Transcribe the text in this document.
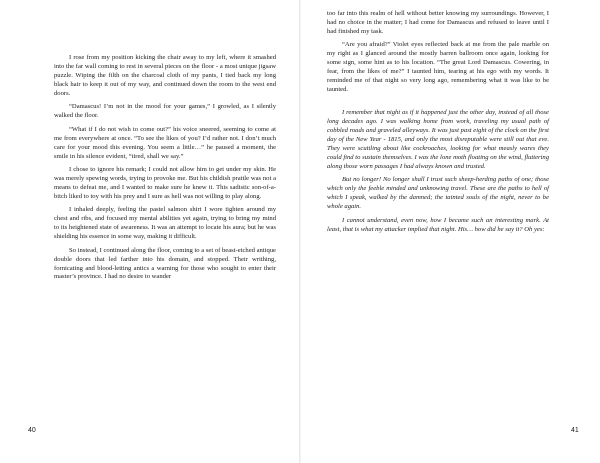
I rose from my position kicking the chair away to my left, where it smashed into the far wall coming to rest in several pieces on the floor - a most unique jigsaw puzzle. Wiping the filth on the charcoal cloth of my pants, I tied back my long black hair to keep it out of my way, and continued down the room to the west end doors.

“Damascus! I’m not in the mood for your games,” I growled, as I silently walked the floor.

“What if I do not wish to come out?” his voice sneered, seeming to come at me from everywhere at once. “To see the likes of you? I’d rather not. I don’t much care for your mood this evening. You seem a little…” he paused a moment, the smile in his silence evident, “tired, shall we say.”

I chose to ignore his remark; I could not allow him to get under my skin. He was merely spewing words, trying to provoke me. But his childish prattle was not a means to defeat me, and I wanted to make sure he knew it. This sadistic son-of-a-bitch liked to toy with his prey and I sure as hell was not willing to play along.

I inhaled deeply, feeling the pastel salmon shirt I wore tighten around my chest and ribs, and focused my mental abilities yet again, trying to bring my mind to its heightened state of awareness. It was an attempt to locate his aura; but he was shielding his essence in some way, making it difficult.

So instead, I continued along the floor, coming to a set of beast-etched antique double doors that led farther into his domain, and stopped. Their writhing, fornicating and blood-letting antics a warning for those who sought to enter their master’s province. I had no desire to wander

40

too far into this realm of hell without better knowing my surroundings. However, I had no choice in the matter; I had come for Damascus and refused to leave until I had finished my task.

“Are you afraid?” Violet eyes reflected back at me from the pale marble on my right as I glanced around the mostly barren ballroom once again, looking for some sign, some hint as to his location. “The great Lord Damascus. Cowering, in fear, from the likes of me?” I taunted him, tearing at his ego with my words. It reminded me of that night so very long ago, remembering what it was like to be taunted.

I remember that night as if it happened just the other day, instead of all those long decades ago. I was walking home from work, traveling my usual path of cobbled roads and graveled alleyways. It was just past eight of the clock on the first day of the New Year - 1815, and only the most disreputable were still out that eve. They were scuttling about like cockroaches, looking for what measly wares they could find to sustain themselves. I was the lone moth floating on the wind, fluttering along those worn passages I had always known and trusted.

But no longer! No longer shall I trust such sheep-herding paths of one; those which only the feeble minded and unknowing travel. These are the paths to hell of which I speak, walked by the damned; the tainted souls of the night, never to be whole again.

I cannot understand, even now, how I became such an interesting mark. At least, that is what my attacker implied that night. His… how did he say it? Oh yes:

41
